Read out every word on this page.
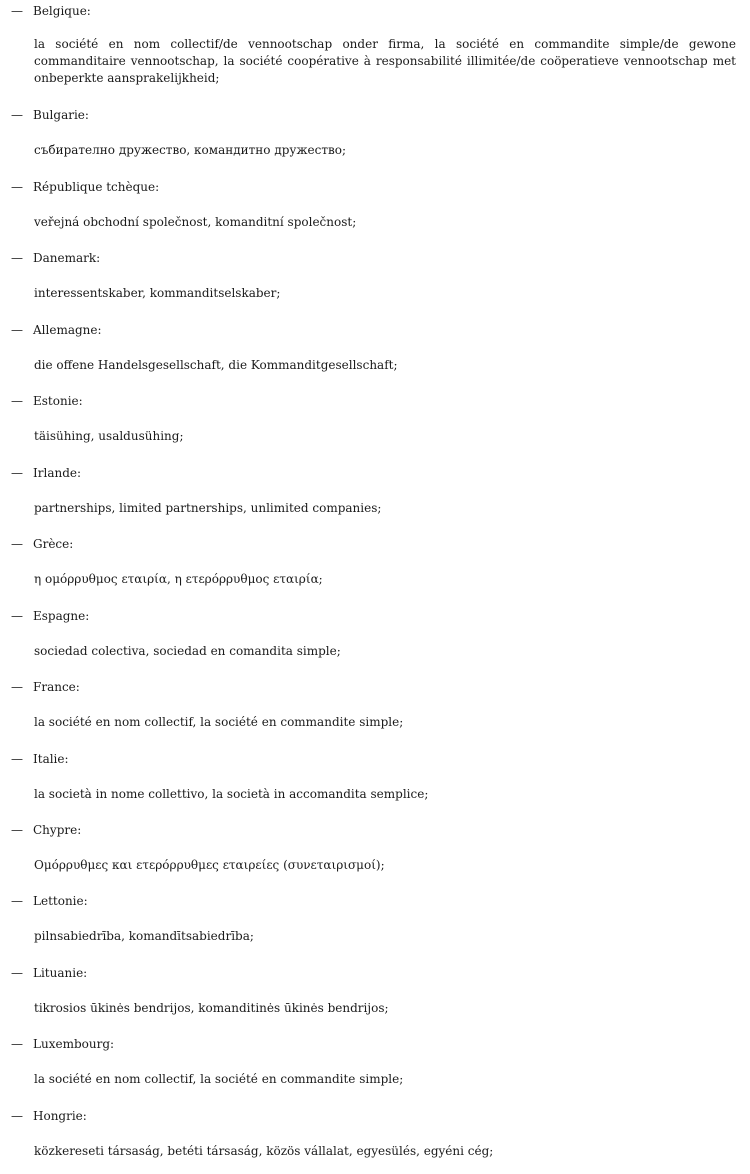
— Belgique:
la société en nom collectif/de vennootschap onder firma, la société en commandite simple/de gewone commanditaire vennootschap, la société coopérative à responsabilité illimitée/de coöperatieve vennootschap met onbeperkte aansprakelijkheid;
— Bulgarie:
събирателно дружество, командитно дружество;
— République tchèque:
veřejná obchodní společnost, komanditní společnost;
— Danemark:
interessentskaber, kommanditselskaber;
— Allemagne:
die offene Handelsgesellschaft, die Kommanditgesellschaft;
— Estonie:
täisühing, usaldusühing;
— Irlande:
partnerships, limited partnerships, unlimited companies;
— Grèce:
η ομόρρυθμος εταιρία, η ετερόρρυθμος εταιρία;
— Espagne:
sociedad colectiva, sociedad en comandita simple;
— France:
la société en nom collectif, la société en commandite simple;
— Italie:
la società in nome collettivo, la società in accomandita semplice;
— Chypre:
Ομόρρυθμες και ετερόρρυθμες εταιρείες (συνεταιρισμοί);
— Lettonie:
pilnsabiedrība, komandītsabiedrība;
— Lituanie:
tikrosios ūkinės bendrijos, komanditinės ūkinės bendrijos;
— Luxembourg:
la société en nom collectif, la société en commandite simple;
— Hongrie:
közkereseti társaság, betéti társaság, közös vállalat, egyesülés, egyéni cég;
